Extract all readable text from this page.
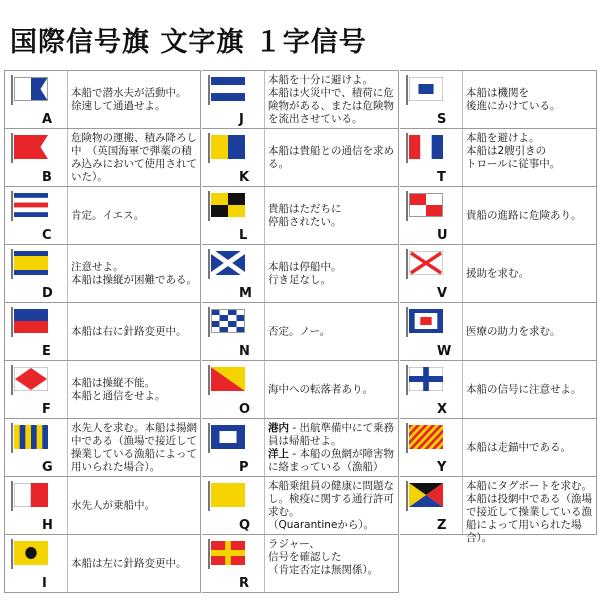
国際信号旗 文字旗 １字信号
A
本船で潜水夫が活動中。
徐速して通過せよ。
B
危険物の運搬、積み降ろし中　（英国海軍で弾薬の積み込みにおいて使用されていた）。
C
肯定。イエス。
D
注意せよ。
本船は操縦が困難である。
E
本船は右に針路変更中。
F
本船は操縦不能。
本船と通信をせよ。
G
水先人を求む。本船は揚網中である（漁場で接近して操業している漁船によって用いられた場合）。
H
水先人が乗船中。
I
本船は左に針路変更中。
J
本船を十分に避けよ。
本船は火災中で、積荷に危険物がある、または危険物を流出させている。
K
本船は貴船との通信を求める。
L
貴船はただちに
停船されたい。
M
本船は停船中。
行き足なし。
N
否定。ノー。
O
海中への転落者あり。
P
港内 - 出航準備中にて乗務員は帰船せよ。
洋上 - 本船の魚網が障害物に絡まっている（漁船）
Q
本船乗組員の健康に問題なし。検疫に関する通行許可求む。
（Quarantineから）。
R
ラジャー、
信号を確認した
（肯定否定は無関係）。
S
本船は機関を
後進にかけている。
T
本船を避けよ。
本船は2艘引きの
トロールに従事中。
U
貴船の進路に危険あり。
V
援助を求む。
W
医療の助力を求む。
X
本船の信号に注意せよ。
Y
本船は走錨中である。
Z
本船にタグボートを求む。本船は投網中である（漁場で接近して操業している漁船によって用いられた場合）。
